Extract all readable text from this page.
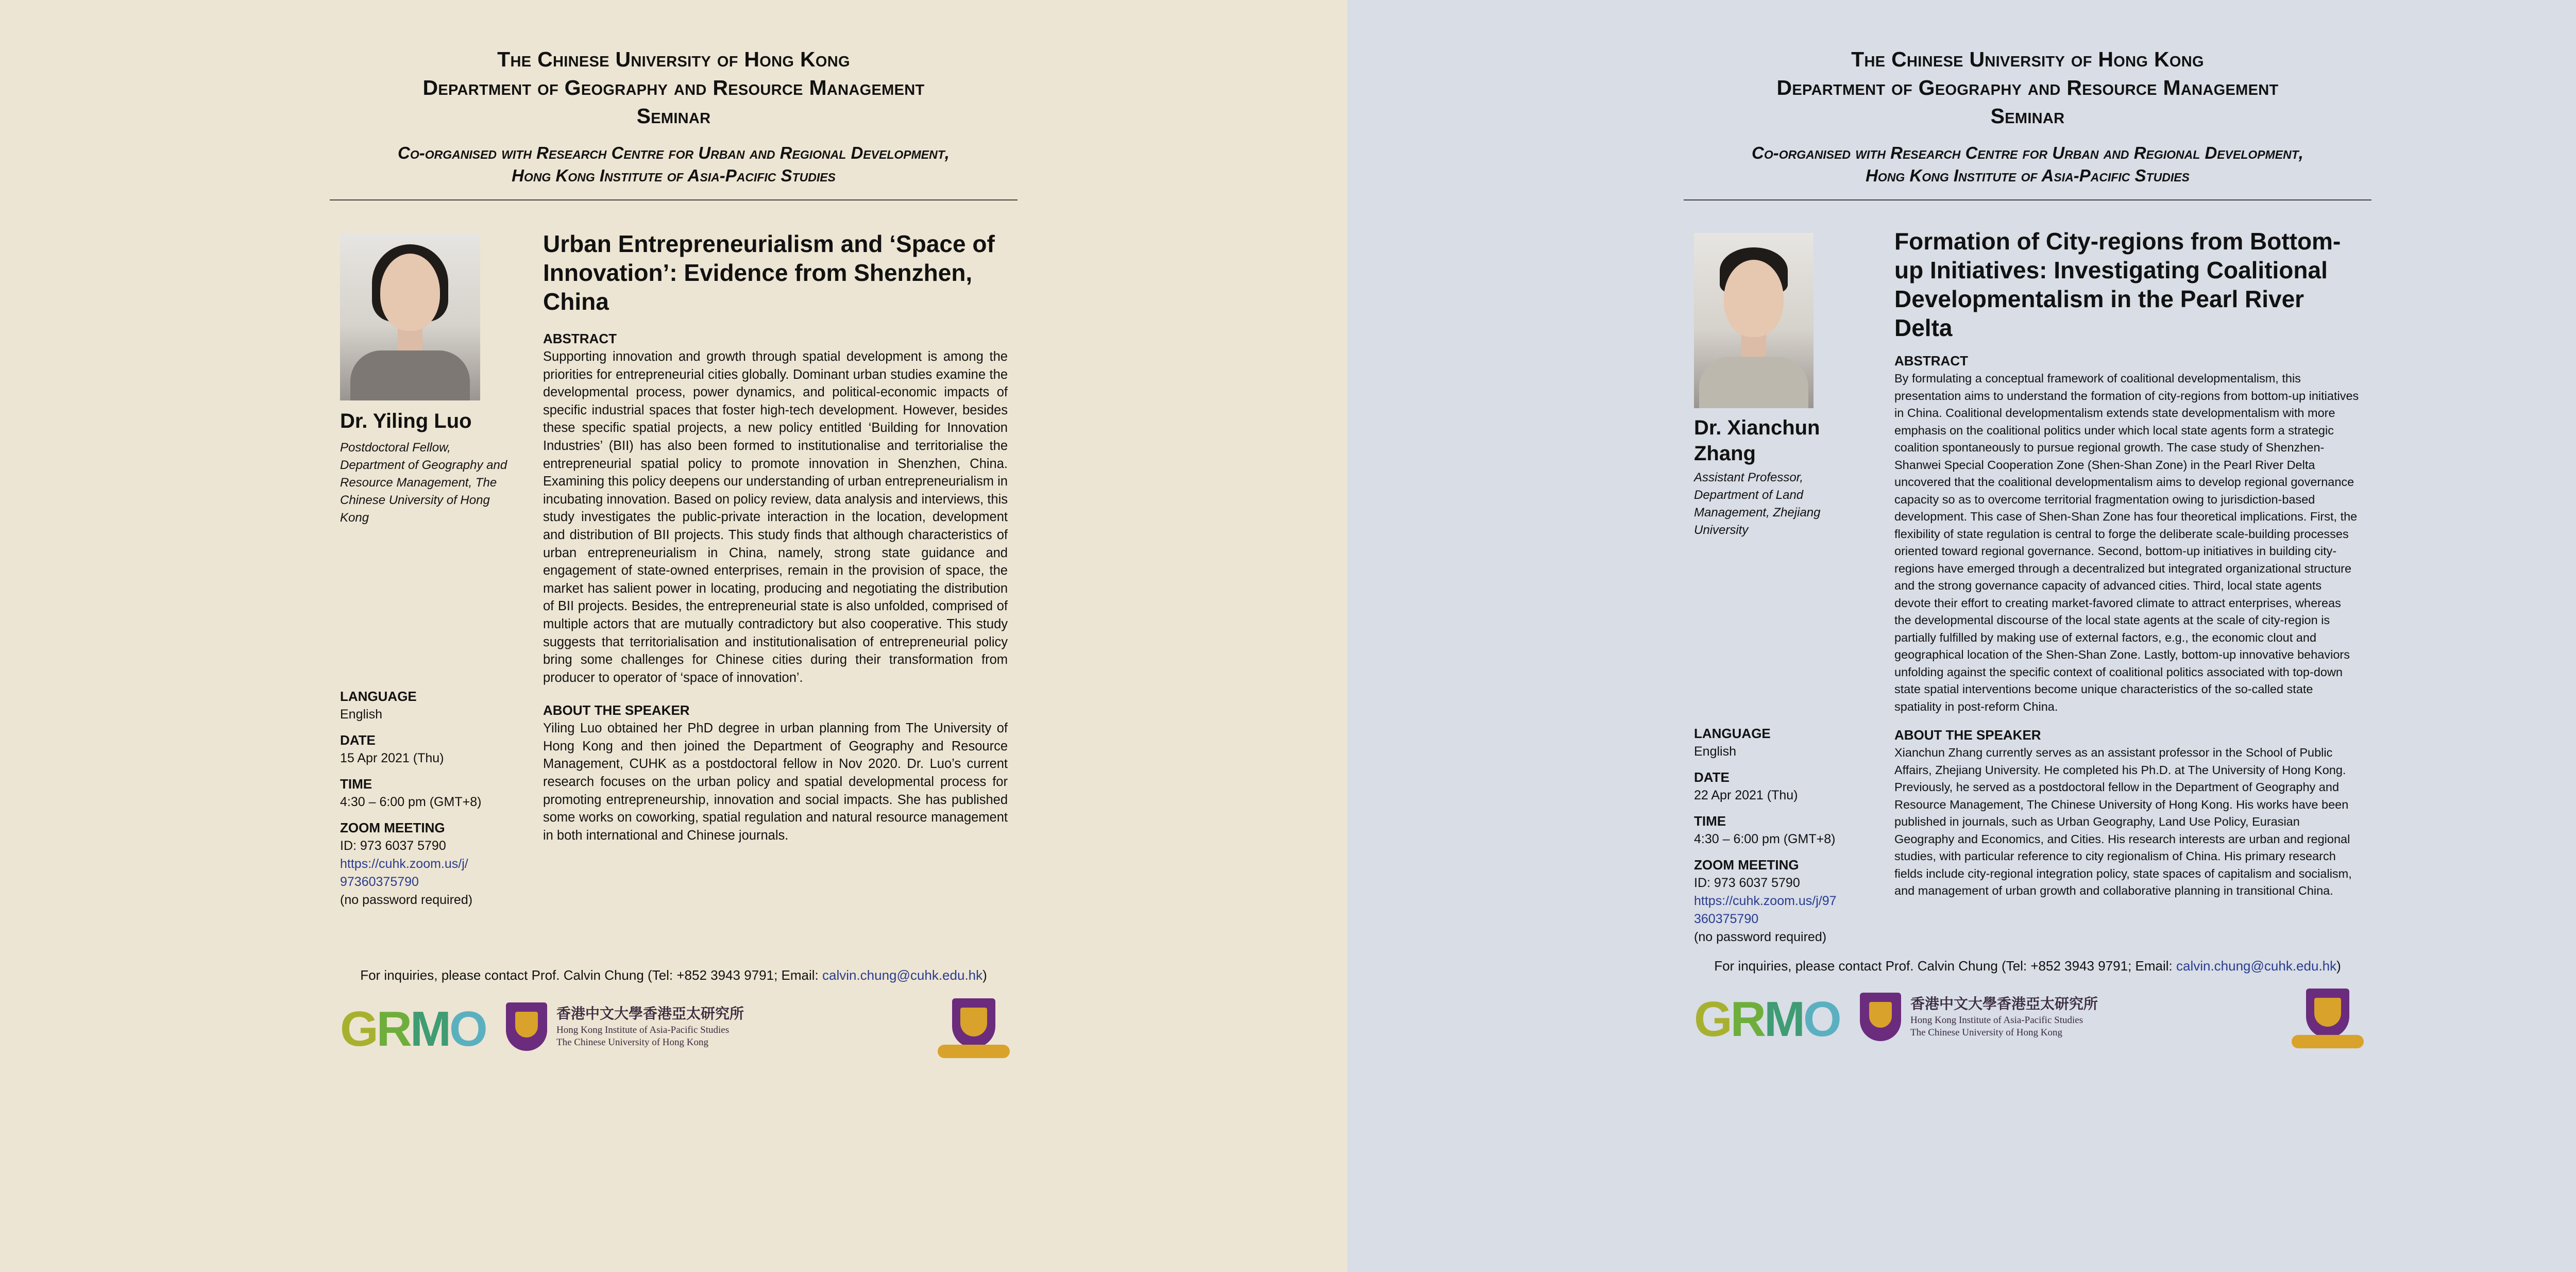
The Chinese University of Hong Kong
Department of Geography and Resource Management
Seminar
Co-organised with Research Centre for Urban and Regional Development,
Hong Kong Institute of Asia-Pacific Studies
Dr. Yiling Luo
Postdoctoral Fellow, Department of Geography and Resource Management, The Chinese University of Hong Kong
LANGUAGE
English
DATE
15 Apr 2021 (Thu)
TIME
4:30 – 6:00 pm (GMT+8)
ZOOM MEETING
ID: 973 6037 5790
https://cuhk.zoom.us/j/
97360375790
(no password required)
Urban Entrepreneurialism and ‘Space of Innovation’: Evidence from Shenzhen, China
ABSTRACT
Supporting innovation and growth through spatial development is among the priorities for entrepreneurial cities globally. Dominant urban studies examine the developmental process, power dynamics, and political-economic impacts of specific industrial spaces that foster high-tech development. However, besides these specific spatial projects, a new policy entitled ‘Building for Innovation Industries’ (BII) has also been formed to institutionalise and territorialise the entrepreneurial spatial policy to promote innovation in Shenzhen, China. Examining this policy deepens our understanding of urban entrepreneurialism in incubating innovation. Based on policy review, data analysis and interviews, this study investigates the public-private interaction in the location, development and distribution of BII projects. This study finds that although characteristics of urban entrepreneurialism in China, namely, strong state guidance and engagement of state-owned enterprises, remain in the provision of space, the market has salient power in locating, producing and negotiating the distribution of BII projects. Besides, the entrepreneurial state is also unfolded, comprised of multiple actors that are mutually contradictory but also cooperative. This study suggests that territorialisation and institutionalisation of entrepreneurial policy bring some challenges for Chinese cities during their transformation from producer to operator of ‘space of innovation’.
ABOUT THE SPEAKER
Yiling Luo obtained her PhD degree in urban planning from The University of Hong Kong and then joined the Department of Geography and Resource Management, CUHK as a postdoctoral fellow in Nov 2020. Dr. Luo’s current research focuses on the urban policy and spatial developmental process for promoting entrepreneurship, innovation and social impacts. She has published some works on coworking, spatial regulation and natural resource management in both international and Chinese journals.
For inquiries, please contact Prof. Calvin Chung (Tel: +852 3943 9791; Email: calvin.chung@cuhk.edu.hk)
GRMO	香港中文大學香港亞太研究所
Hong Kong Institute of Asia-Pacific Studies
The Chinese University of Hong Kong
The Chinese University of Hong Kong
Department of Geography and Resource Management
Seminar
Co-organised with Research Centre for Urban and Regional Development,
Hong Kong Institute of Asia-Pacific Studies
Dr. Xianchun Zhang
Assistant Professor, Department of Land Management, Zhejiang University
LANGUAGE
English
DATE
22 Apr 2021 (Thu)
TIME
4:30 – 6:00 pm (GMT+8)
ZOOM MEETING
ID: 973 6037 5790
https://cuhk.zoom.us/j/97
360375790
(no password required)
Formation of City-regions from Bottom-up Initiatives: Investigating Coalitional Developmentalism in the Pearl River Delta
ABSTRACT
By formulating a conceptual framework of coalitional developmentalism, this presentation aims to understand the formation of city-regions from bottom-up initiatives in China. Coalitional developmentalism extends state developmentalism with more emphasis on the coalitional politics under which local state agents form a strategic coalition spontaneously to pursue regional growth. The case study of Shenzhen-Shanwei Special Cooperation Zone (Shen-Shan Zone) in the Pearl River Delta uncovered that the coalitional developmentalism aims to develop regional governance capacity so as to overcome territorial fragmentation owing to jurisdiction-based development. This case of Shen-Shan Zone has four theoretical implications. First, the flexibility of state regulation is central to forge the deliberate scale-building processes oriented toward regional governance. Second, bottom-up initiatives in building city-regions have emerged through a decentralized but integrated organizational structure and the strong governance capacity of advanced cities. Third, local state agents devote their effort to creating market-favored climate to attract enterprises, whereas the developmental discourse of the local state agents at the scale of city-region is partially fulfilled by making use of external factors, e.g., the economic clout and geographical location of the Shen-Shan Zone. Lastly, bottom-up innovative behaviors unfolding against the specific context of coalitional politics associated with top-down state spatial interventions become unique characteristics of the so-called state spatiality in post-reform China.
ABOUT THE SPEAKER
Xianchun Zhang currently serves as an assistant professor in the School of Public Affairs, Zhejiang University. He completed his Ph.D. at The University of Hong Kong. Previously, he served as a postdoctoral fellow in the Department of Geography and Resource Management, The Chinese University of Hong Kong. His works have been published in journals, such as Urban Geography, Land Use Policy, Eurasian Geography and Economics, and Cities. His research interests are urban and regional studies, with particular reference to city regionalism of China. His primary research fields include city-regional integration policy, state spaces of capitalism and socialism, and management of urban growth and collaborative planning in transitional China.
For inquiries, please contact Prof. Calvin Chung (Tel: +852 3943 9791; Email: calvin.chung@cuhk.edu.hk)
GRMO	香港中文大學香港亞太研究所
Hong Kong Institute of Asia-Pacific Studies
The Chinese University of Hong Kong
